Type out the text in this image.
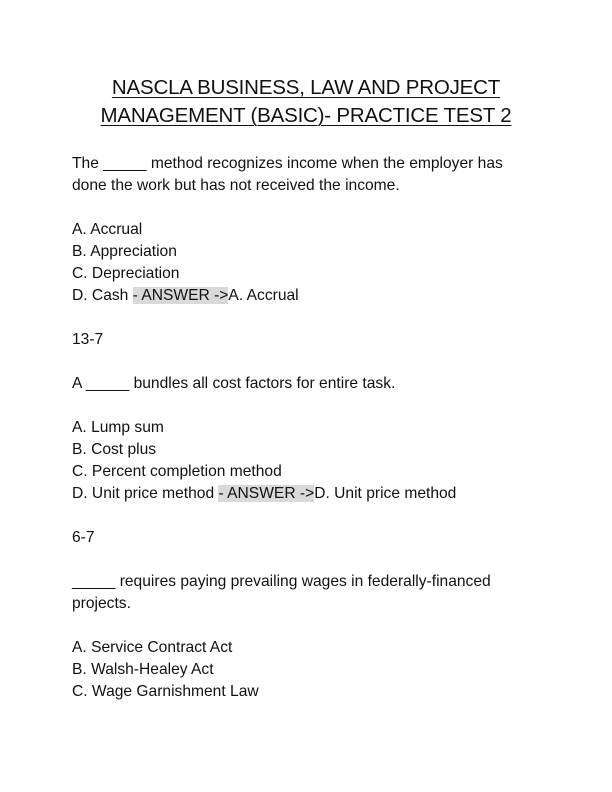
NASCLA BUSINESS, LAW AND PROJECT
MANAGEMENT (BASIC)- PRACTICE TEST 2
The _____ method recognizes income when the employer has
done the work but has not received the income.
A. Accrual
B. Appreciation
C. Depreciation
D. Cash - ANSWER ->A. Accrual
13-7
A _____ bundles all cost factors for entire task.
A. Lump sum
B. Cost plus
C. Percent completion method
D. Unit price method - ANSWER ->D. Unit price method
6-7
_____ requires paying prevailing wages in federally-financed
projects.
A. Service Contract Act
B. Walsh-Healey Act
C. Wage Garnishment Law
